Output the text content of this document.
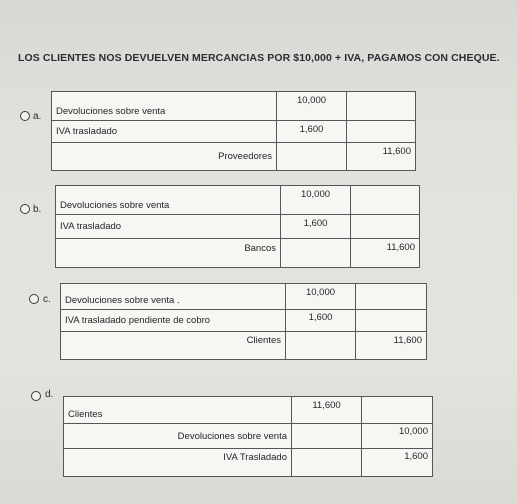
LOS CLIENTES NOS DEVUELVEN MERCANCIAS POR $10,000 + IVA, PAGAMOS CON CHEQUE.
a. Devoluciones sobre venta	10,000	
IVA trasladado	1,600	
Proveedores		11,600
b. Devoluciones sobre venta	10,000	
IVA trasladado	1,600	
Bancos		11,600
c. Devoluciones sobre venta .	10,000	
IVA trasladado pendiente de cobro	1,600	
Clientes		11,600
d.
Clientes	11,600	
Devoluciones sobre venta		10,000
IVA Trasladado		1,600
